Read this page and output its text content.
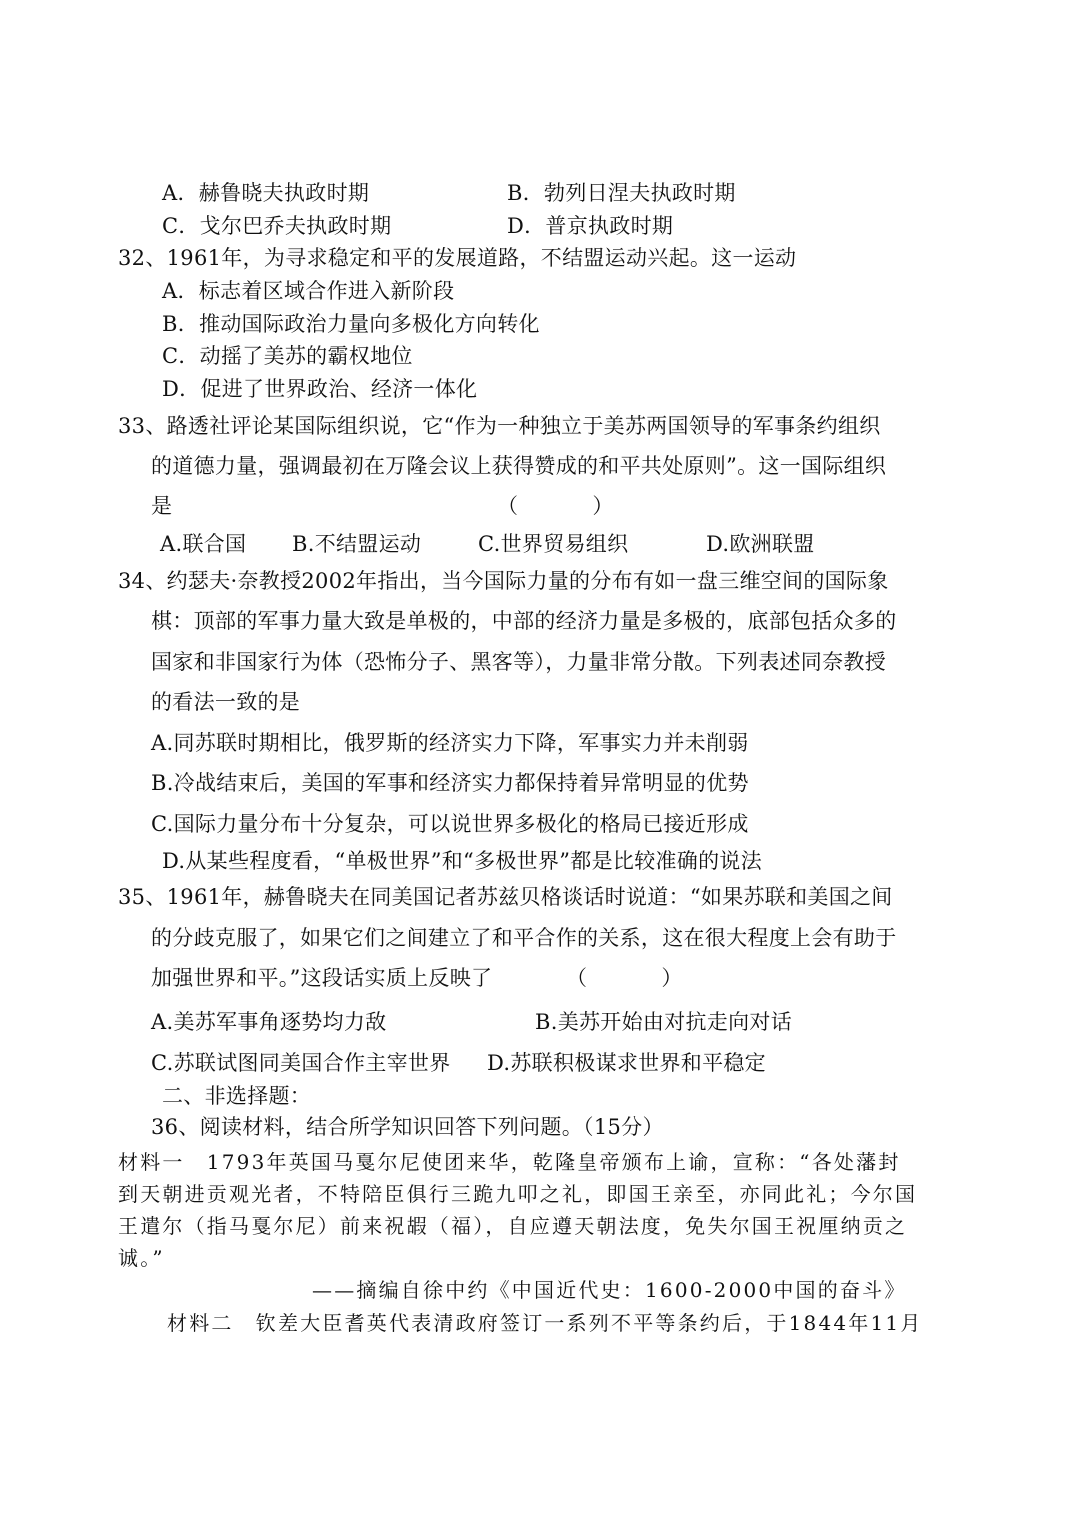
A．赫鲁晓夫执政时期	B．勃列日涅夫执政时期
C．戈尔巴乔夫执政时期	D．普京执政时期
32、1961年，为寻求稳定和平的发展道路，不结盟运动兴起。这一运动
A．标志着区域合作进入新阶段
B．推动国际政治力量向多极化方向转化
C．动摇了美苏的霸权地位
D．促进了世界政治、经济一体化
33、路透社评论某国际组织说，它“作为一种独立于美苏两国领导的军事条约组织
的道德力量，强调最初在万隆会议上获得赞成的和平共处原则”。这一国际组织
是	（	）
A.联合国 B.不结盟运动	C.世界贸易组织	D.欧洲联盟
34、约瑟夫·奈教授2002年指出，当今国际力量的分布有如一盘三维空间的国际象
棋：顶部的军事力量大致是单极的，中部的经济力量是多极的，底部包括众多的
国家和非国家行为体（恐怖分子、黑客等），力量非常分散。下列表述同奈教授
的看法一致的是
A.同苏联时期相比，俄罗斯的经济实力下降，军事实力并未削弱
B.冷战结束后，美国的军事和经济实力都保持着异常明显的优势
C.国际力量分布十分复杂，可以说世界多极化的格局已接近形成
D.从某些程度看，“单极世界”和“多极世界”都是比较准确的说法
35、1961年，赫鲁晓夫在同美国记者苏兹贝格谈话时说道：“如果苏联和美国之间
的分歧克服了，如果它们之间建立了和平合作的关系，这在很大程度上会有助于
加强世界和平。”这段话实质上反映了	（	）
A.美苏军事角逐势均力敌	B.美苏开始由对抗走向对话
C.苏联试图同美国合作主宰世界 D.苏联积极谋求世界和平稳定
二、非选择题：
36、阅读材料，结合所学知识回答下列问题。（15分）
材料一　1793年英国马戛尔尼使团来华，乾隆皇帝颁布上谕，宣称：“各处藩封
到天朝进贡观光者，不特陪臣俱行三跪九叩之礼，即国王亲至，亦同此礼；今尔国
王遣尔（指马戛尔尼）前来祝嘏（福），自应遵天朝法度，免失尔国王祝厘纳贡之
诚。”
——摘编自徐中约《中国近代史：1600-2000中国的奋斗》
材料二　钦差大臣耆英代表清政府签订一系列不平等条约后，于1844年11月
